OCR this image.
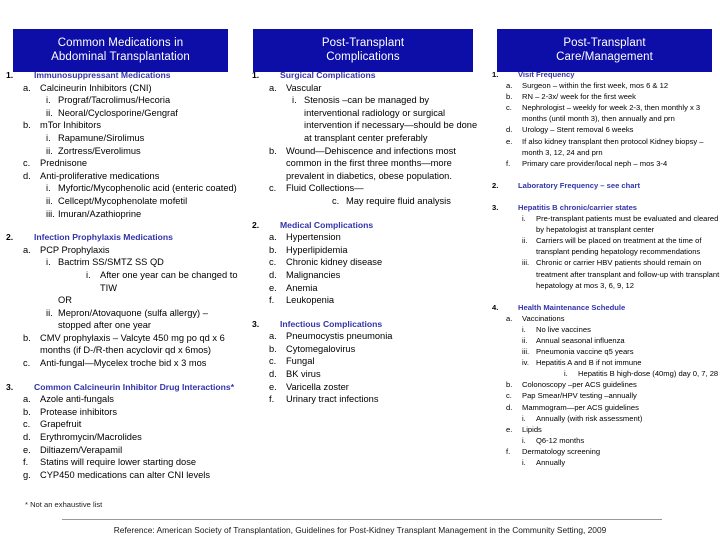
Common Medications in
Abdominal Transplantation
Post-Transplant
Complications
Post-Transplant
Care/Management
1.	Immunosuppressant Medications
a. Calcineurin Inhibitors (CNI)
i. Prograf/Tacrolimus/Hecoria
ii. Neoral/Cyclosporine/Gengraf
b. mTor Inhibitors
i. Rapamune/Sirolimus
ii. Zortress/Everolimus
c.	Prednisone
d. Anti-proliferative medications
i. Myfortic/Mycophenolic acid (enteric coated)
ii. Cellcept/Mycophenolate mofetil
iii. Imuran/Azathioprine
2.	Infection Prophylaxis Medications
a. PCP Prophylaxis
i. Bactrim SS/SMTZ SS QD
i.	After one year can be changed to TIW
OR
ii. Mepron/Atovaquone (sulfa allergy) – stopped after one year
b. CMV prophylaxis – Valcyte 450 mg po qd x 6 months (if D-/R-then acyclovir qd x 6mos)
c.	Anti-fungal—Mycelex troche bid x 3 mos
3.	Common Calcineurin Inhibitor Drug Interactions*
a. Azole anti-fungals
b. Protease inhibitors
c.	Grapefruit
d. Erythromycin/Macrolides
e. Diltiazem/Verapamil
f.	Statins will require lower starting dose
g. CYP450 medications can alter CNI levels
1.	Surgical Complications
a. Vascular
i. Stenosis –can be managed by interventional radiology or surgical intervention if necessary—should be done at transplant center preferably
b. Wound—Dehiscence and infections most common in the first three months—more prevalent in diabetics, obese population.
c.	Fluid Collections—
c. May require fluid analysis
2.	Medical Complications
a. Hypertension
b. Hyperlipidemia
c.	Chronic kidney disease
d. Malignancies
e. Anemia
f.	Leukopenia
3.	Infectious Complications
a. Pneumocystis pneumonia
b. Cytomegalovirus
c.	Fungal
d. BK virus
e. Varicella zoster
f.	Urinary tract infections
1.	Visit Frequency
a.	Surgeon – within the first week, mos 6 & 12
b.	RN – 2-3x/ week for the first week
c.	Nephrologist – weekly for week 2-3, then monthly x 3 months (until month 3), then annually and prn
d.	Urology – Stent removal 6 weeks
e.	If also kidney transplant then protocol Kidney biopsy – month 3, 12, 24 and prn
f.	Primary care provider/local neph – mos 3-4
2.	Laboratory Frequency – see chart
3.	Hepatitis B chronic/carrier states
i.	Pre-transplant patients must be evaluated and cleared by hepatologist at transplant center
ii.	Carriers will be placed on treatment at the time of transplant pending hepatology recommendations
iii. Chronic or carrier HBV patients should remain on treatment after transplant and follow-up with transplant hepatology at mos 3, 6, 9, 12
4.	Health Maintenance Schedule
a.	Vaccinations
i.	No live vaccines
ii.	Annual seasonal influenza
iii. Pneumonia vaccine q5 years
iv. Hepatitis A and B if not immune
i.	Hepatitis B high-dose (40mg) day 0, 7, 28
b.	Colonoscopy –per ACS guidelines
c.	Pap Smear/HPV testing –annually
d.	Mammogram—per ACS guidelines
i.	Annually (with risk assessment)
e.	Lipids
i.	Q6-12 months
f.	Dermatology screening
i.	Annually
* Not an exhaustive list
Reference: American Society of Transplantation, Guidelines for Post-Kidney Transplant Management in the Community Setting, 2009
